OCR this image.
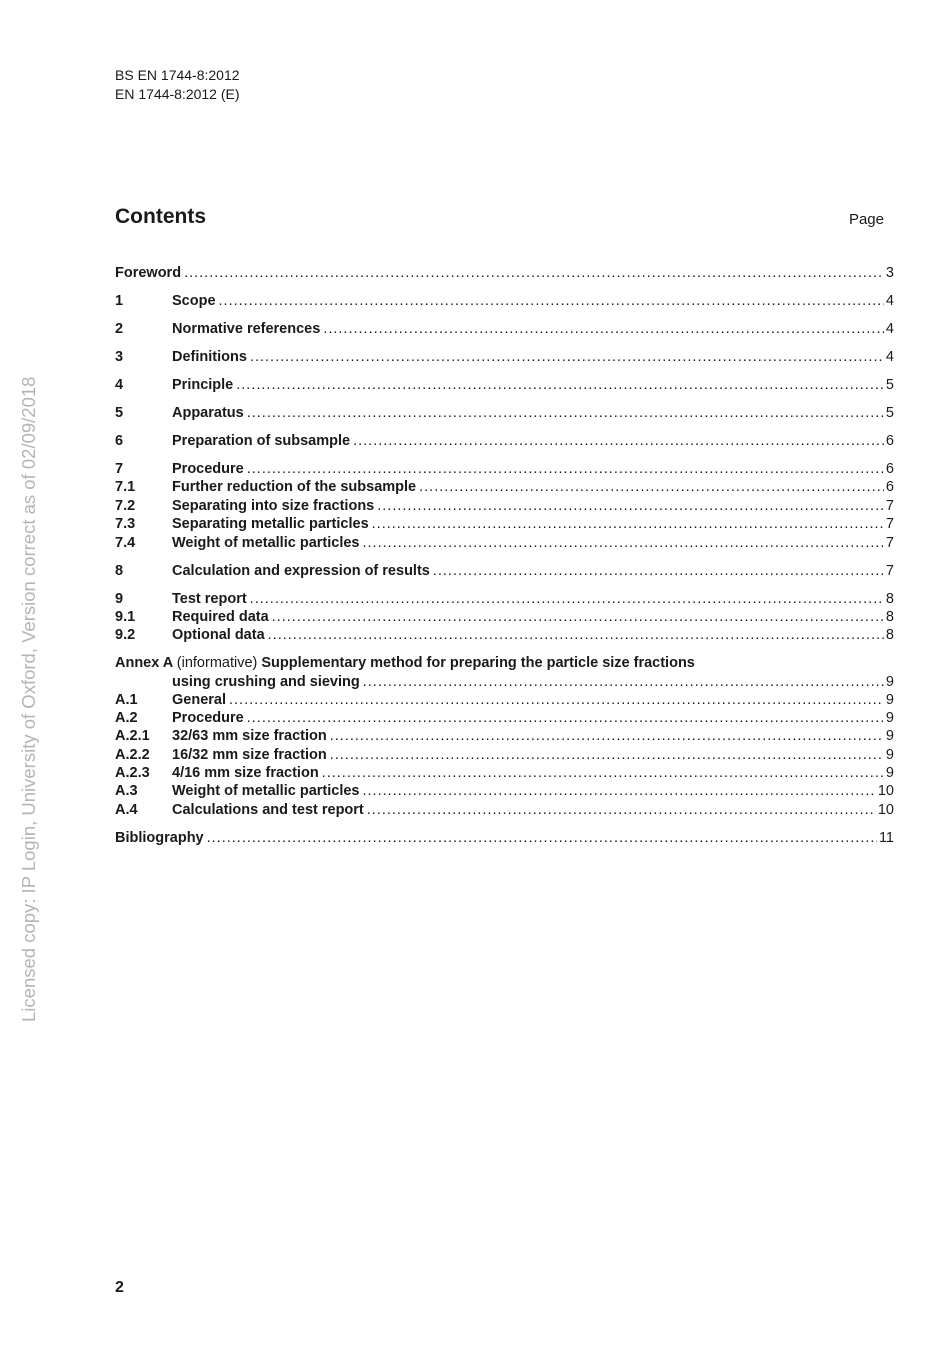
BS EN 1744-8:2012
EN 1744-8:2012 (E)
Contents	Page
Foreword .....	3
1	Scope .....	4
2	Normative references .....	4
3	Definitions .....	4
4	Principle .....	5
5	Apparatus .....	5
6	Preparation of subsample .....	6
7	Procedure .....	6
7.1	Further reduction of the subsample .....	6
7.2	Separating into size fractions .....	7
7.3	Separating metallic particles .....	7
7.4	Weight of metallic particles .....	7
8	Calculation and expression of results .....	7
9	Test report .....	8
9.1	Required data .....	8
9.2	Optional data .....	8
Annex A (informative) Supplementary method for preparing the particle size fractions
using crushing and sieving .....	9
A.1	General .....	9
A.2	Procedure .....	9
A.2.1	32/63 mm size fraction .....	9
A.2.2	16/32 mm size fraction .....	9
A.2.3	4/16 mm size fraction .....	9
A.3	Weight of metallic particles .....	10
A.4	Calculations and test report .....	10
Bibliography .....	11
Licensed copy: IP Login, University of Oxford, Version correct as of 02/09/2018
2
